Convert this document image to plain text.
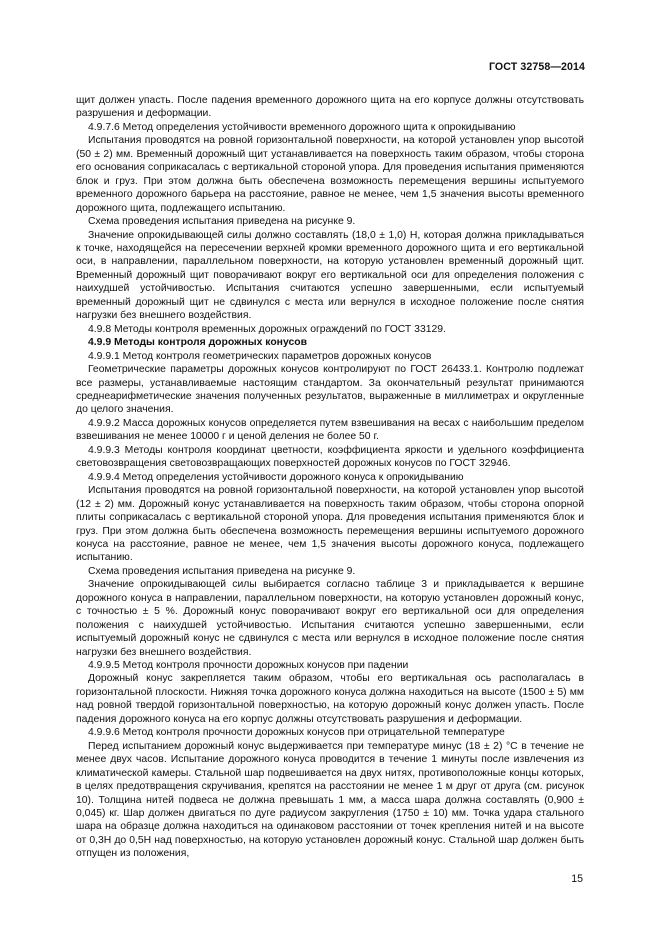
ГОСТ 32758—2014

щит должен упасть. После падения временного дорожного щита на его корпусе должны отсутствовать разрушения и деформации.

4.9.7.6 Метод определения устойчивости временного дорожного щита к опрокидыванию

Испытания проводятся на ровной горизонтальной поверхности, на которой установлен упор высотой (50 ± 2) мм. Временный дорожный щит устанавливается на поверхность таким образом, чтобы сторона его основания соприкасалась с вертикальной стороной упора. Для проведения испытания применяются блок и груз. При этом должна быть обеспечена возможность перемещения вершины испытуемого временного дорожного барьера на расстояние, равное не менее, чем 1,5 значения высоты временного дорожного щита, подлежащего испытанию.

Схема проведения испытания приведена на рисунке 9.

Значение опрокидывающей силы должно составлять (18,0 ± 1,0) Н, которая должна прикладываться к точке, находящейся на пересечении верхней кромки временного дорожного щита и его вертикальной оси, в направлении, параллельном поверхности, на которую установлен временный дорожный щит. Временный дорожный щит поворачивают вокруг его вертикальной оси для определения положения с наихудшей устойчивостью. Испытания считаются успешно завершенными, если испытуемый временный дорожный щит не сдвинулся с места или вернулся в исходное положение после снятия нагрузки без внешнего воздействия.

4.9.8 Методы контроля временных дорожных ограждений по ГОСТ 33129.

4.9.9 Методы контроля дорожных конусов

4.9.9.1 Метод контроля геометрических параметров дорожных конусов

Геометрические параметры дорожных конусов контролируют по ГОСТ 26433.1. Контролю подлежат все размеры, устанавливаемые настоящим стандартом. За окончательный результат принимаются среднеарифметические значения полученных результатов, выраженные в миллиметрах и округленные до целого значения.

4.9.9.2 Масса дорожных конусов определяется путем взвешивания на весах с наибольшим пределом взвешивания не менее 10000 г и ценой деления не более 50 г.

4.9.9.3 Методы контроля координат цветности, коэффициента яркости и удельного коэффициента световозвращения световозвращающих поверхностей дорожных конусов по ГОСТ 32946.

4.9.9.4 Метод определения устойчивости дорожного конуса к опрокидыванию

Испытания проводятся на ровной горизонтальной поверхности, на которой установлен упор высотой (12 ± 2) мм. Дорожный конус устанавливается на поверхность таким образом, чтобы сторона опорной плиты соприкасалась с вертикальной стороной упора. Для проведения испытания применяются блок и груз. При этом должна быть обеспечена возможность перемещения вершины испытуемого дорожного конуса на расстояние, равное не менее, чем 1,5 значения высоты дорожного конуса, подлежащего испытанию.

Схема проведения испытания приведена на рисунке 9.

Значение опрокидывающей силы выбирается согласно таблице 3 и прикладывается к вершине дорожного конуса в направлении, параллельном поверхности, на которую установлен дорожный конус, с точностью ± 5 %. Дорожный конус поворачивают вокруг его вертикальной оси для определения положения с наихудшей устойчивостью. Испытания считаются успешно завершенными, если испытуемый дорожный конус не сдвинулся с места или вернулся в исходное положение после снятия нагрузки без внешнего воздействия.

4.9.9.5 Метод контроля прочности дорожных конусов при падении

Дорожный конус закрепляется таким образом, чтобы его вертикальная ось располагалась в горизонтальной плоскости. Нижняя точка дорожного конуса должна находиться на высоте (1500 ± 5) мм над ровной твердой горизонтальной поверхностью, на которую дорожный конус должен упасть. После падения дорожного конуса на его корпус должны отсутствовать разрушения и деформации.

4.9.9.6 Метод контроля прочности дорожных конусов при отрицательной температуре

Перед испытанием дорожный конус выдерживается при температуре минус (18 ± 2) °С в течение не менее двух часов. Испытание дорожного конуса проводится в течение 1 минуты после извлечения из климатической камеры. Стальной шар подвешивается на двух нитях, противоположные концы которых, в целях предотвращения скручивания, крепятся на расстоянии не менее 1 м друг от друга (см. рисунок 10). Толщина нитей подвеса не должна превышать 1 мм, а масса шара должна составлять (0,900 ± 0,045) кг. Шар должен двигаться по дуге радиусом закругления (1750 ± 10) мм. Точка удара стального шара на образце должна находиться на одинаковом расстоянии от точек крепления нитей и на высоте от 0,3Н до 0,5Н над поверхностью, на которую установлен дорожный конус. Стальной шар должен быть отпущен из положения,

15
